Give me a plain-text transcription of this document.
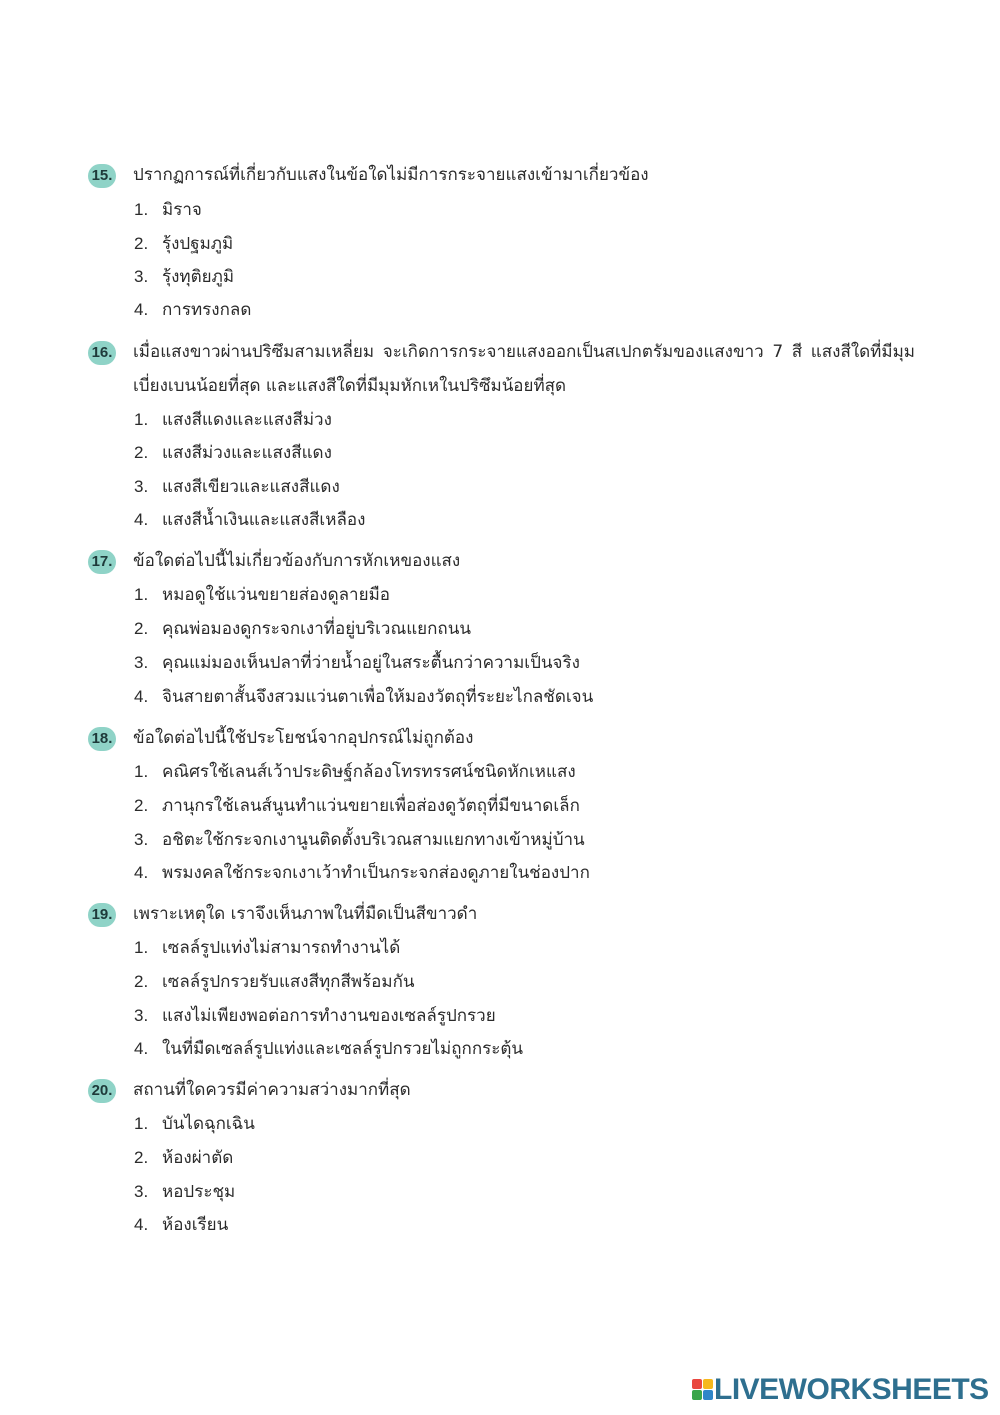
15. ปรากฏการณ์ที่เกี่ยวกับแสงในข้อใดไม่มีการกระจายแสงเข้ามาเกี่ยวข้อง
1. มิราจ
2. รุ้งปฐมภูมิ
3. รุ้งทุติยภูมิ
4. การทรงกลด
16. เมื่อแสงขาวผ่านปริซึมสามเหลี่ยม จะเกิดการกระจายแสงออกเป็นสเปกตรัมของแสงขาว 7 สี แสงสีใดที่มีมุมเบี่ยงเบนน้อยที่สุด และแสงสีใดที่มีมุมหักเหในปริซึมน้อยที่สุด
1. แสงสีแดงและแสงสีม่วง
2. แสงสีม่วงและแสงสีแดง
3. แสงสีเขียวและแสงสีแดง
4. แสงสีน้ำเงินและแสงสีเหลือง
17. ข้อใดต่อไปนี้ไม่เกี่ยวข้องกับการหักเหของแสง
1. หมอดูใช้แว่นขยายส่องดูลายมือ
2. คุณพ่อมองดูกระจกเงาที่อยู่บริเวณแยกถนน
3. คุณแม่มองเห็นปลาที่ว่ายน้ำอยู่ในสระตื้นกว่าความเป็นจริง
4. จินสายตาสั้นจึงสวมแว่นตาเพื่อให้มองวัตถุที่ระยะไกลชัดเจน
18. ข้อใดต่อไปนี้ใช้ประโยชน์จากอุปกรณ์ไม่ถูกต้อง
1. คณิศรใช้เลนส์เว้าประดิษฐ์กล้องโทรทรรศน์ชนิดหักเหแสง
2. ภานุกรใช้เลนส์นูนทำแว่นขยายเพื่อส่องดูวัตถุที่มีขนาดเล็ก
3. อชิตะใช้กระจกเงานูนติดตั้งบริเวณสามแยกทางเข้าหมู่บ้าน
4. พรมงคลใช้กระจกเงาเว้าทำเป็นกระจกส่องดูภายในช่องปาก
19. เพราะเหตุใด เราจึงเห็นภาพในที่มืดเป็นสีขาวดำ
1. เซลล์รูปแท่งไม่สามารถทำงานได้
2. เซลล์รูปกรวยรับแสงสีทุกสีพร้อมกัน
3. แสงไม่เพียงพอต่อการทำงานของเซลล์รูปกรวย
4. ในที่มืดเซลล์รูปแท่งและเซลล์รูปกรวยไม่ถูกกระตุ้น
20. สถานที่ใดควรมีค่าความสว่างมากที่สุด
1. บันไดฉุกเฉิน
2. ห้องผ่าตัด
3. หอประชุม
4. ห้องเรียน
LIVEWORKSHEETS
